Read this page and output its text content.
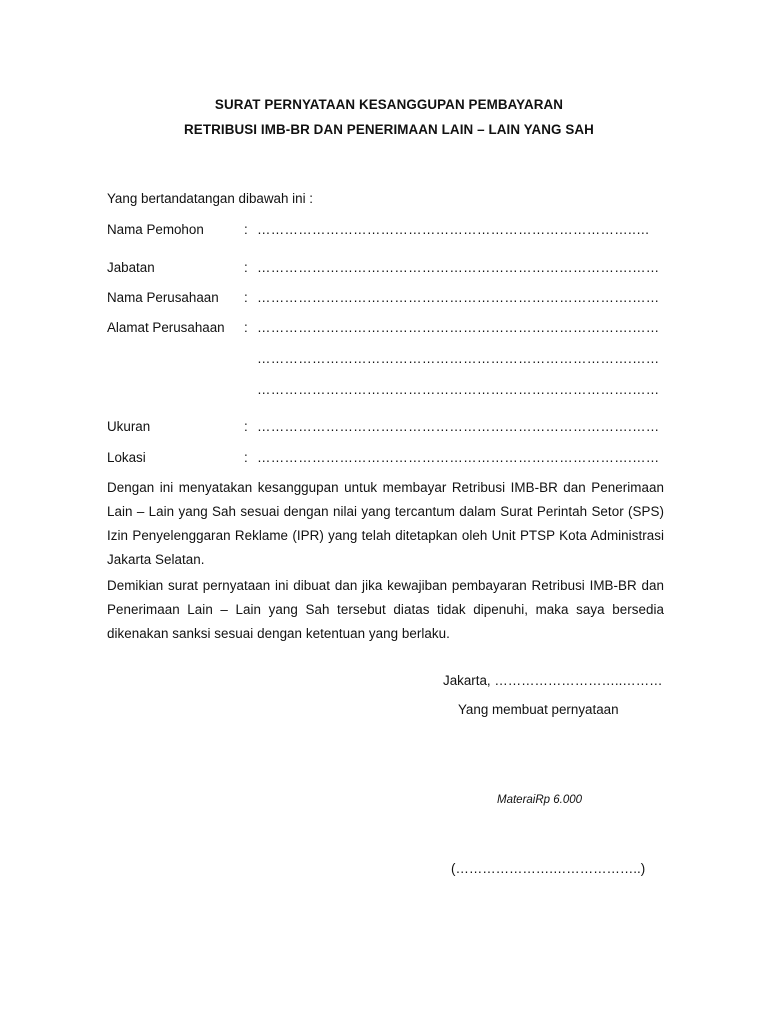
SURAT PERNYATAAN KESANGGUPAN PEMBAYARAN
RETRIBUSI IMB-BR DAN PENERIMAAN LAIN – LAIN YANG SAH
Yang bertandatangan dibawah ini :
Nama Pemohon	: ………………………………………………………………………..…
Jabatan	: ……………………………………………………………………….……
Nama Perusahaan : ……………………………………………………………………….……
Alamat Perusahaan : ……………………………………………………………………….……
……………………………………………………………………….……
……………………………………………………………………….……
Ukuran	: ……………………………………………………………………….……
Lokasi	: ……………………………………………………………………….……
Dengan ini menyatakan kesanggupan untuk membayar Retribusi IMB-BR dan Penerimaan Lain – Lain yang Sah sesuai dengan nilai yang tercantum dalam Surat Perintah Setor (SPS) Izin Penyelenggaran Reklame (IPR) yang telah ditetapkan oleh Unit PTSP Kota Administrasi Jakarta Selatan.
Demikian surat pernyataan ini dibuat dan jika kewajiban pembayaran Retribusi IMB-BR dan Penerimaan Lain – Lain yang Sah tersebut diatas tidak dipenuhi, maka saya bersedia dikenakan sanksi sesuai dengan ketentuan yang berlaku.
Jakarta, ………………………..………
Yang membuat pernyataan
MateraiRp 6.000
(………………….………………..)
